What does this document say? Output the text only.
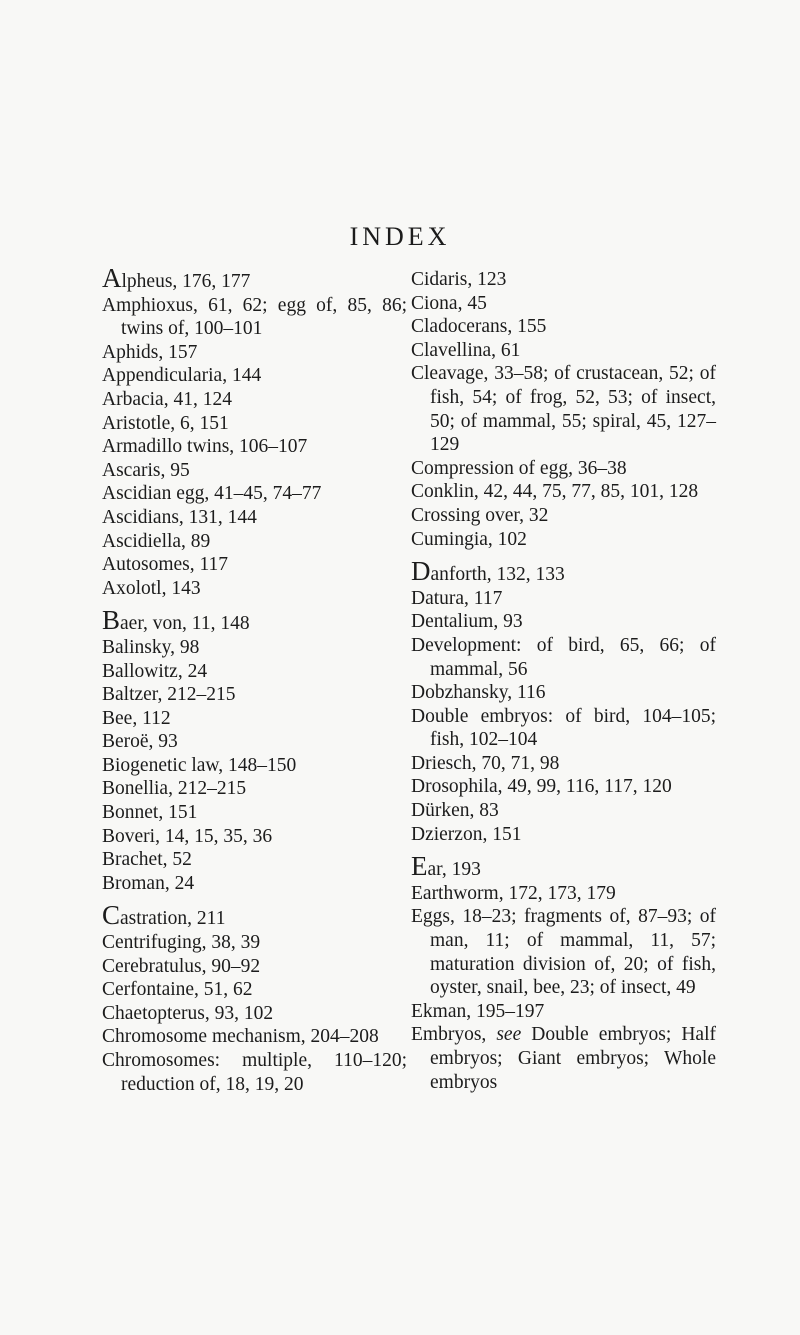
INDEX
Alpheus, 176, 177
Amphioxus, 61, 62; egg of, 85, 86; twins of, 100–101
Aphids, 157
Appendicularia, 144
Arbacia, 41, 124
Aristotle, 6, 151
Armadillo twins, 106–107
Ascaris, 95
Ascidian egg, 41–45, 74–77
Ascidians, 131, 144
Ascidiella, 89
Autosomes, 117
Axolotl, 143
Baer, von, 11, 148
Balinsky, 98
Ballowitz, 24
Baltzer, 212–215
Bee, 112
Beroë, 93
Biogenetic law, 148–150
Bonellia, 212–215
Bonnet, 151
Boveri, 14, 15, 35, 36
Brachet, 52
Broman, 24
Castration, 211
Centrifuging, 38, 39
Cerebratulus, 90–92
Cerfontaine, 51, 62
Chaetopterus, 93, 102
Chromosome mechanism, 204–208
Chromosomes: multiple, 110–120; reduction of, 18, 19, 20
Cidaris, 123
Ciona, 45
Cladocerans, 155
Clavellina, 61
Cleavage, 33–58; of crustacean, 52; of fish, 54; of frog, 52, 53; of insect, 50; of mammal, 55; spiral, 45, 127–129
Compression of egg, 36–38
Conklin, 42, 44, 75, 77, 85, 101, 128
Crossing over, 32
Cumingia, 102
Danforth, 132, 133
Datura, 117
Dentalium, 93
Development: of bird, 65, 66; of mammal, 56
Dobzhansky, 116
Double embryos: of bird, 104–105; fish, 102–104
Driesch, 70, 71, 98
Drosophila, 49, 99, 116, 117, 120
Dürken, 83
Dzierzon, 151
Ear, 193
Earthworm, 172, 173, 179
Eggs, 18–23; fragments of, 87–93; of man, 11; of mammal, 11, 57; maturation division of, 20; of fish, oyster, snail, bee, 23; of insect, 49
Ekman, 195–197
Embryos, see Double embryos; Half embryos; Giant embryos; Whole embryos
